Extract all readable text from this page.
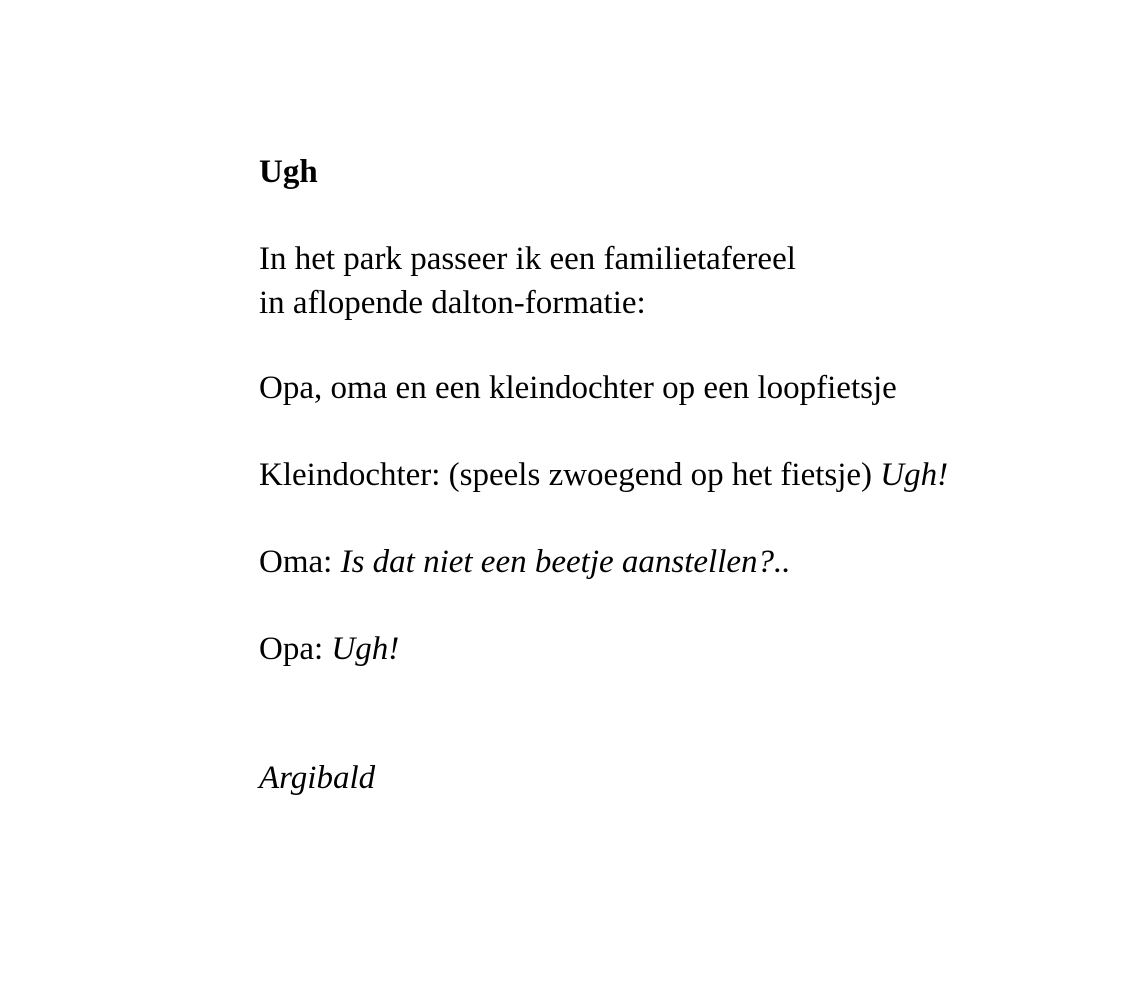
Ugh
In het park passeer ik een familietafereel
in aflopende dalton-formatie:
Opa, oma en een kleindochter op een loopfietsje
Kleindochter: (speels zwoegend op het fietsje) Ugh!
Oma: Is dat niet een beetje aanstellen?..
Opa: Ugh!
Argibald
